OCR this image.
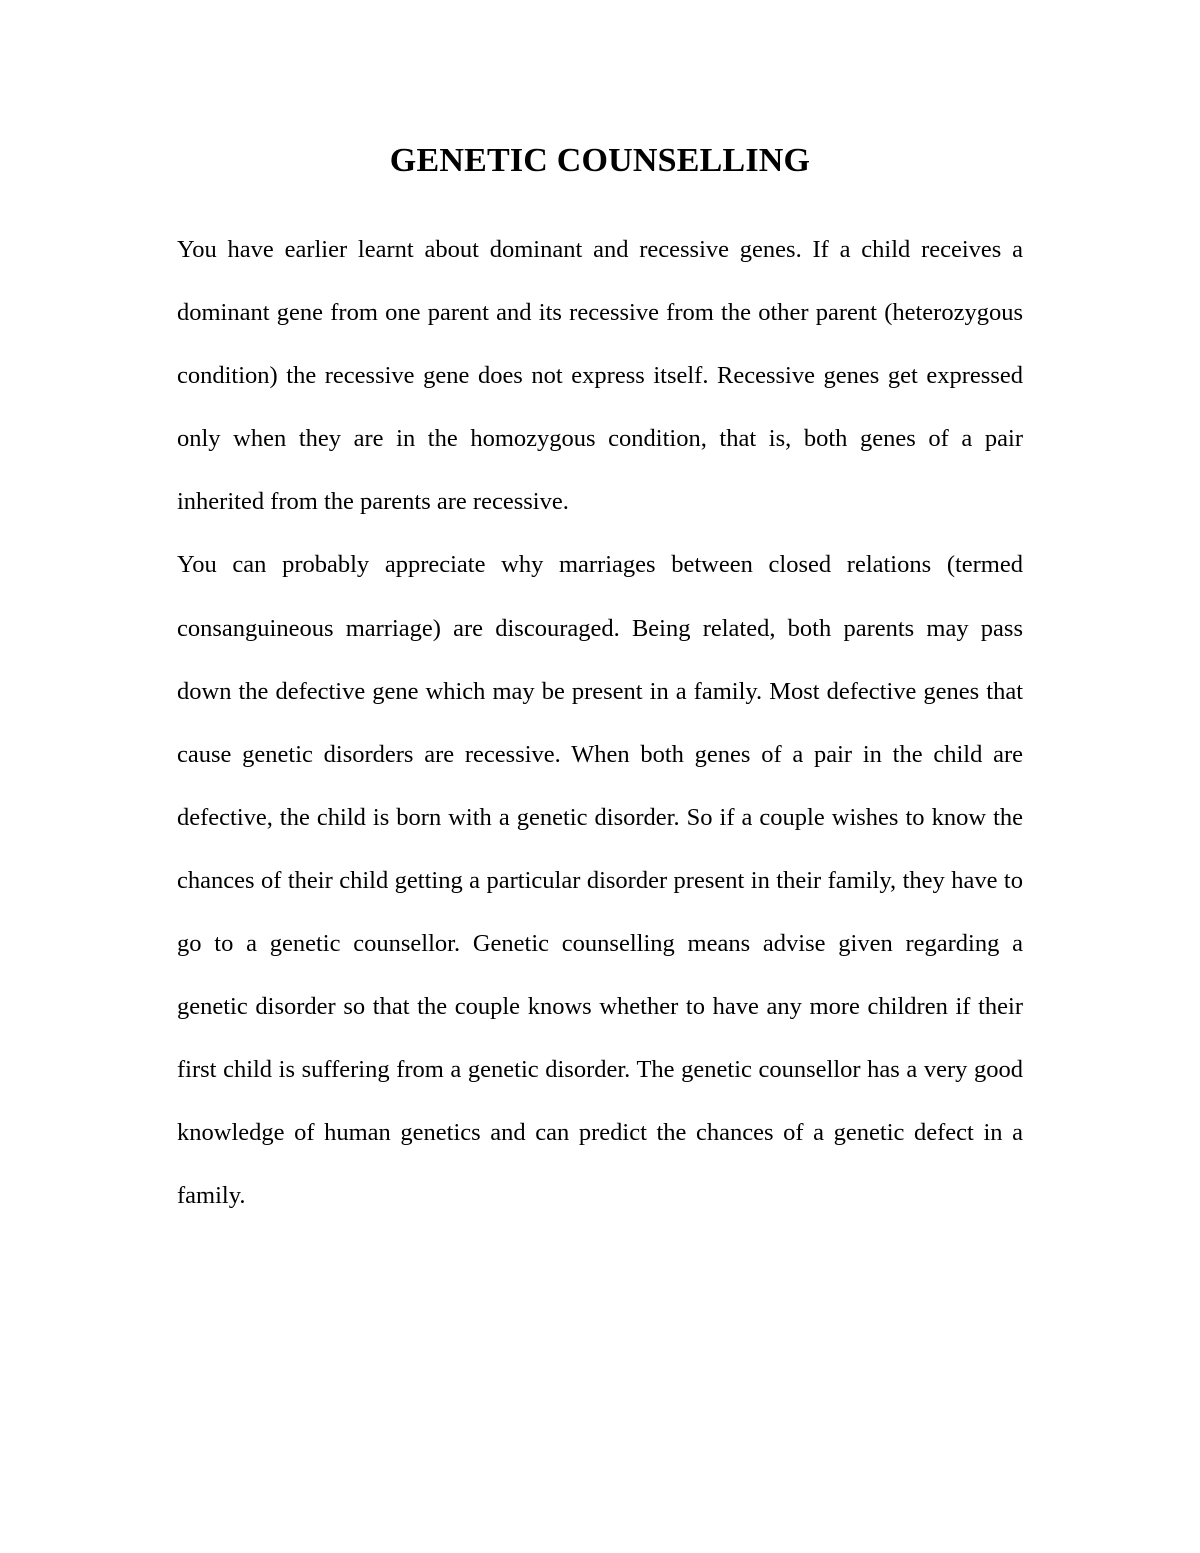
GENETIC COUNSELLING

You have earlier learnt about dominant and recessive genes. If a child receives a dominant gene from one parent and its recessive from the other parent (heterozygous condition) the recessive gene does not express itself. Recessive genes get expressed only when they are in the homozygous condition, that is, both genes of a pair inherited from the parents are recessive.

You can probably appreciate why marriages between closed relations (termed consanguineous marriage) are discouraged. Being related, both parents may pass down the defective gene which may be present in a family. Most defective genes that cause genetic disorders are recessive. When both genes of a pair in the child are defective, the child is born with a genetic disorder. So if a couple wishes to know the chances of their child getting a particular disorder present in their family, they have to go to a genetic counsellor. Genetic counselling means advise given regarding a genetic disorder so that the couple knows whether to have any more children if their first child is suffering from a genetic disorder. The genetic counsellor has a very good knowledge of human genetics and can predict the chances of a genetic defect in a family.
